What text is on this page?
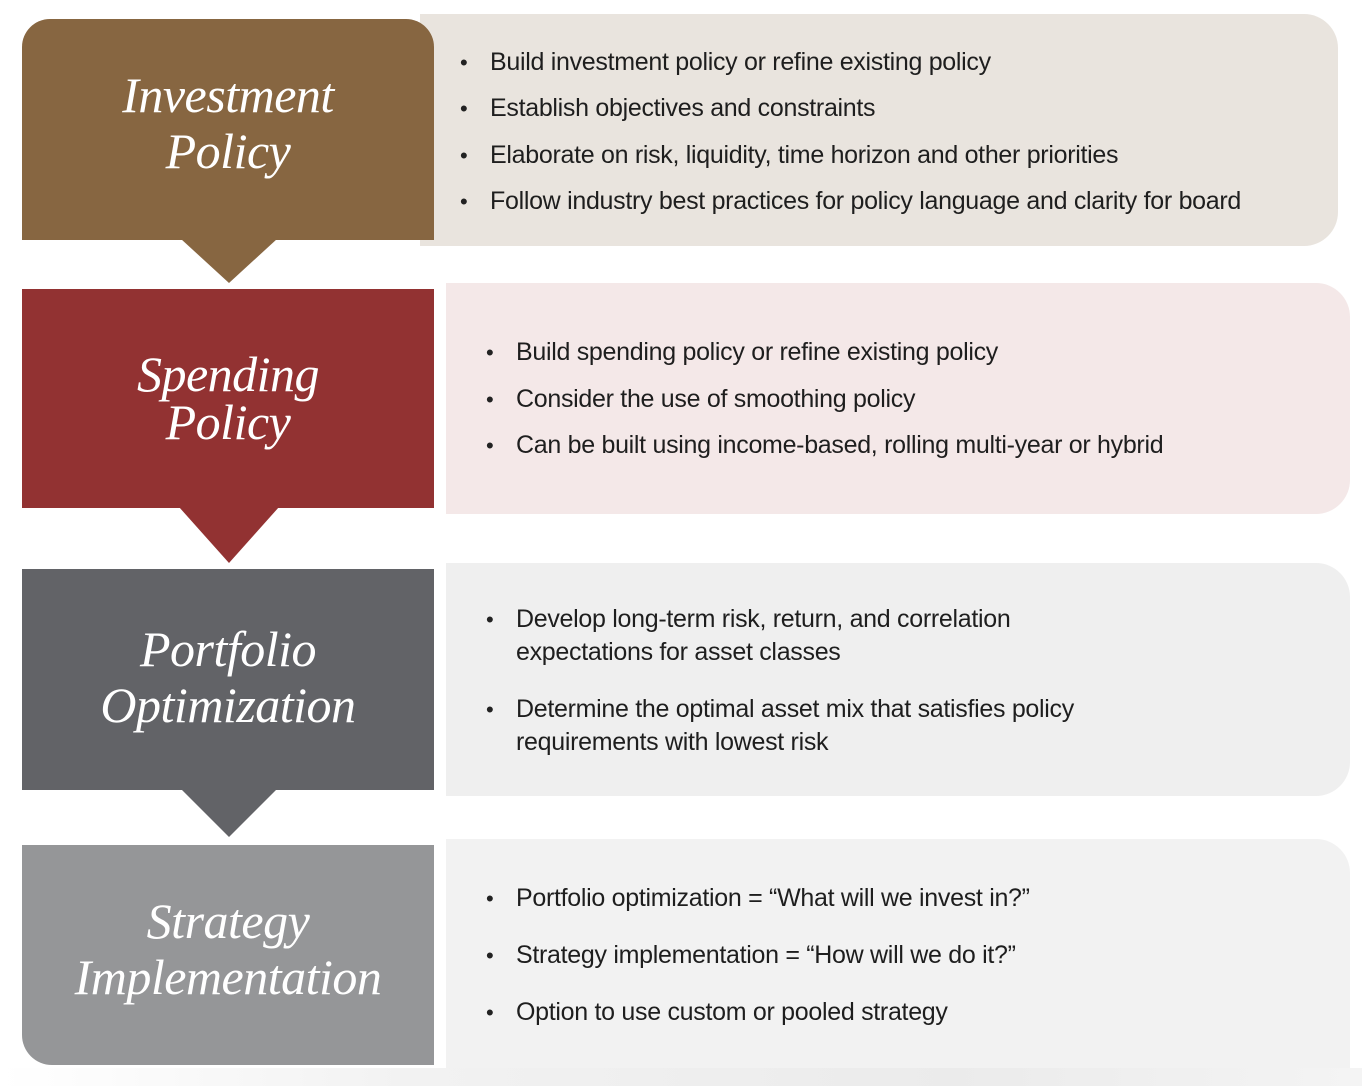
• Build investment policy or refine existing policy
• Establish objectives and constraints
• Elaborate on risk, liquidity, time horizon and other priorities
• Follow industry best practices for policy language and clarity for board
Investment
Policy
• Build spending policy or refine existing policy
• Consider the use of smoothing policy
• Can be built using income-based, rolling multi-year or hybrid
Spending
Policy
• Develop long-term risk, return, and correlation expectations for asset classes
• Determine the optimal asset mix that satisfies policy requirements with lowest risk
Portfolio
Optimization
• Portfolio optimization = “What will we invest in?”
• Strategy implementation = “How will we do it?”
• Option to use custom or pooled strategy
Strategy
Implementation
